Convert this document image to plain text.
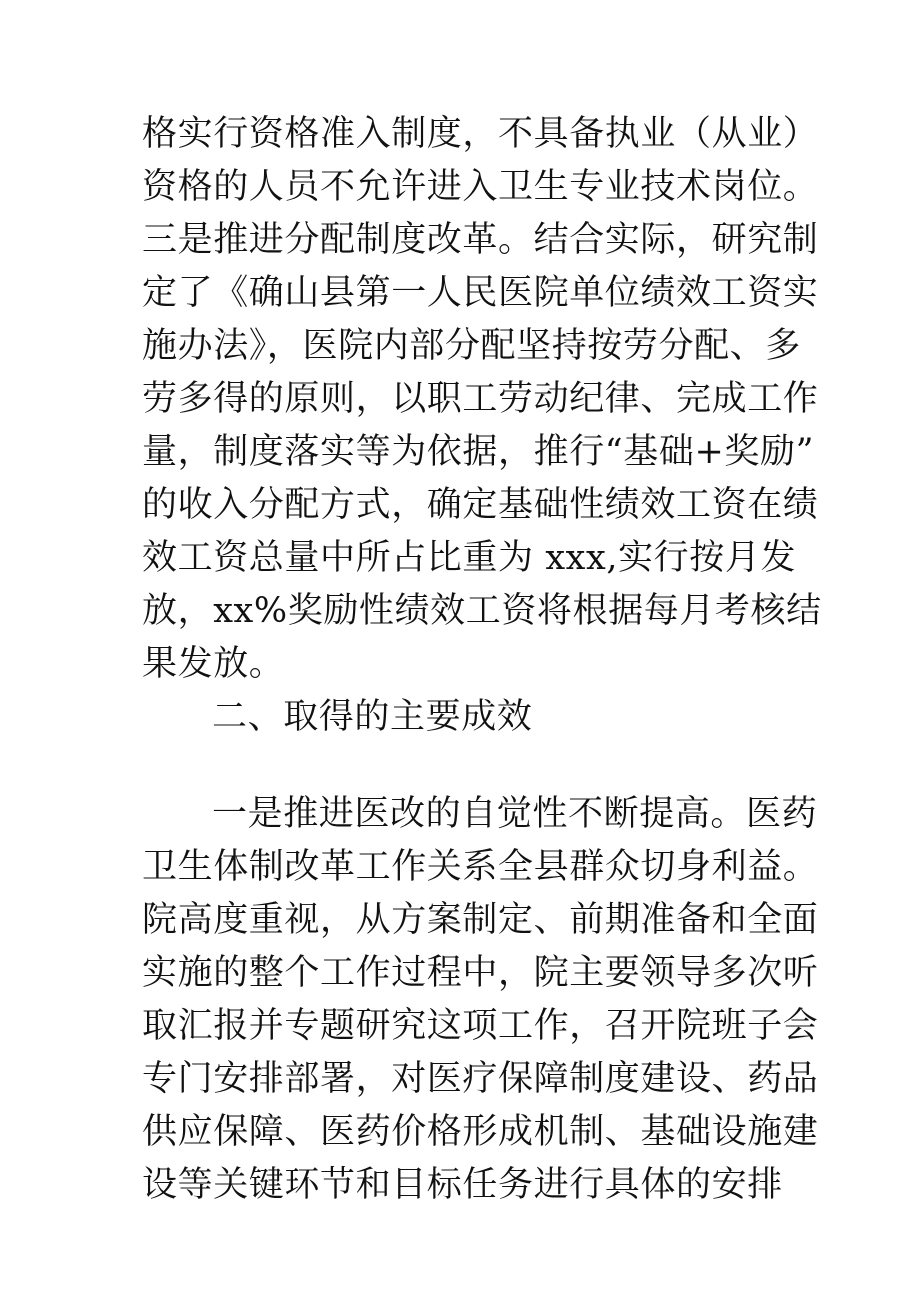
格实行资格准入制度，不具备执业（从业）
资格的人员不允许进入卫生专业技术岗位。
三是推进分配制度改革。结合实际，研究制
定了《确山县第一人民医院单位绩效工资实
施办法》，医院内部分配坚持按劳分配、多
劳多得的原则，以职工劳动纪律、完成工作
量，制度落实等为依据，推行“基础+奖励”
的收入分配方式，确定基础性绩效工资在绩
效工资总量中所占比重为 xxx,实行按月发
放，xx%奖励性绩效工资将根据每月考核结
果发放。
二、取得的主要成效
一是推进医改的自觉性不断提高。医药
卫生体制改革工作关系全县群众切身利益。
院高度重视，从方案制定、前期准备和全面
实施的整个工作过程中，院主要领导多次听
取汇报并专题研究这项工作，召开院班子会
专门安排部署，对医疗保障制度建设、药品
供应保障、医药价格形成机制、基础设施建
设等关键环节和目标任务进行具体的安排
